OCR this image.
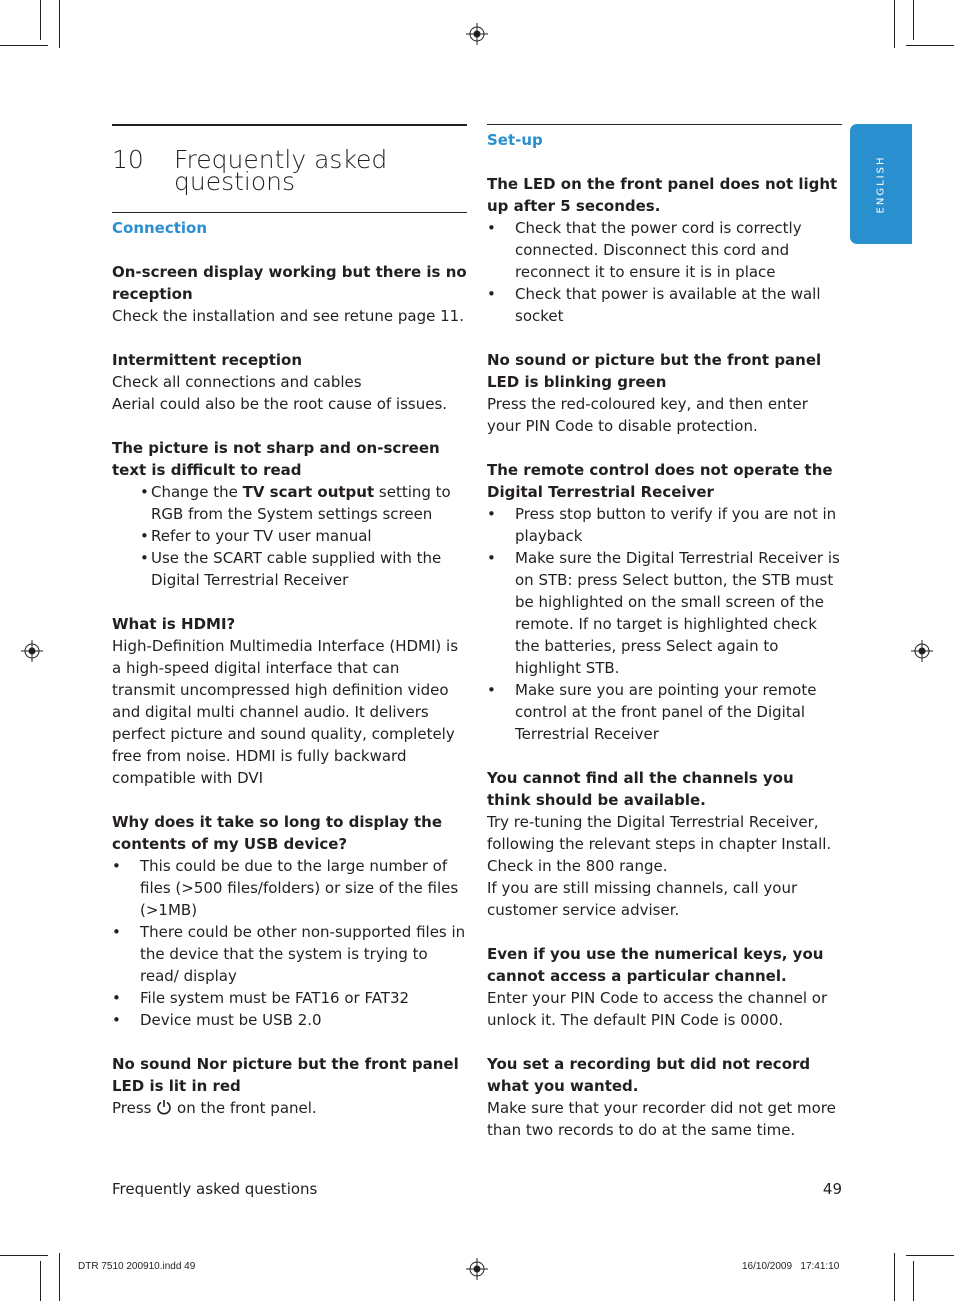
ENGLISH
10	Frequently asked
questions

Connection

On-screen display working but there is no reception

Check the installation and see retune page 11.

Intermittent reception

Check all connections and cables

Aerial could also be the root cause of issues.

The picture is not sharp and on-screen text is difficult to read

• Change the TV scart output setting to RGB from the System settings screen
• Refer to your TV user manual
• Use the SCART cable supplied with the Digital Terrestrial Receiver

What is HDMI?

High-Definition Multimedia Interface (HDMI) is a high-speed digital interface that can transmit uncompressed high definition video and digital multi channel audio. It delivers perfect picture and sound quality, completely free from noise. HDMI is fully backward compatible with DVI

Why does it take so long to display the contents of my USB device?

• This could be due to the large number of files (>500 files/folders) or size of the files (>1MB)
• There could be other non-supported files in the device that the system is trying to read/ display
• File system must be FAT16 or FAT32
• Device must be USB 2.0

No sound Nor picture but the front panel LED is lit in red

Press  on the front panel.

Set-up

The LED on the front panel does not light up after 5 secondes.

• Check that the power cord is correctly connected. Disconnect this cord and reconnect it to ensure it is in place
• Check that power is available at the wall socket

No sound or picture but the front panel LED is blinking green

Press the red-coloured key, and then enter your PIN Code to disable protection.

The remote control does not operate the Digital Terrestrial Receiver

• Press stop button to verify if you are not in playback
• Make sure the Digital Terrestrial Receiver is on STB: press Select button, the STB must be highlighted on the small screen of the remote. If no target is highlighted check the batteries, press Select again to highlight STB.
• Make sure you are pointing your remote control at the front panel of the Digital Terrestrial Receiver

You cannot find all the channels you think should be available.

Try re-tuning the Digital Terrestrial Receiver, following the relevant steps in chapter Install. Check in the 800 range.

If you are still missing channels, call your customer service adviser.

Even if you use the numerical keys, you cannot access a particular channel.

Enter your PIN Code to access the channel or unlock it. The default PIN Code is 0000.

You set a recording but did not record what you wanted.

Make sure that your recorder did not get more than two records to do at the same time.

Frequently asked questions	49
DTR 7510 200910.indd 49	16/10/2009   17:41:10
